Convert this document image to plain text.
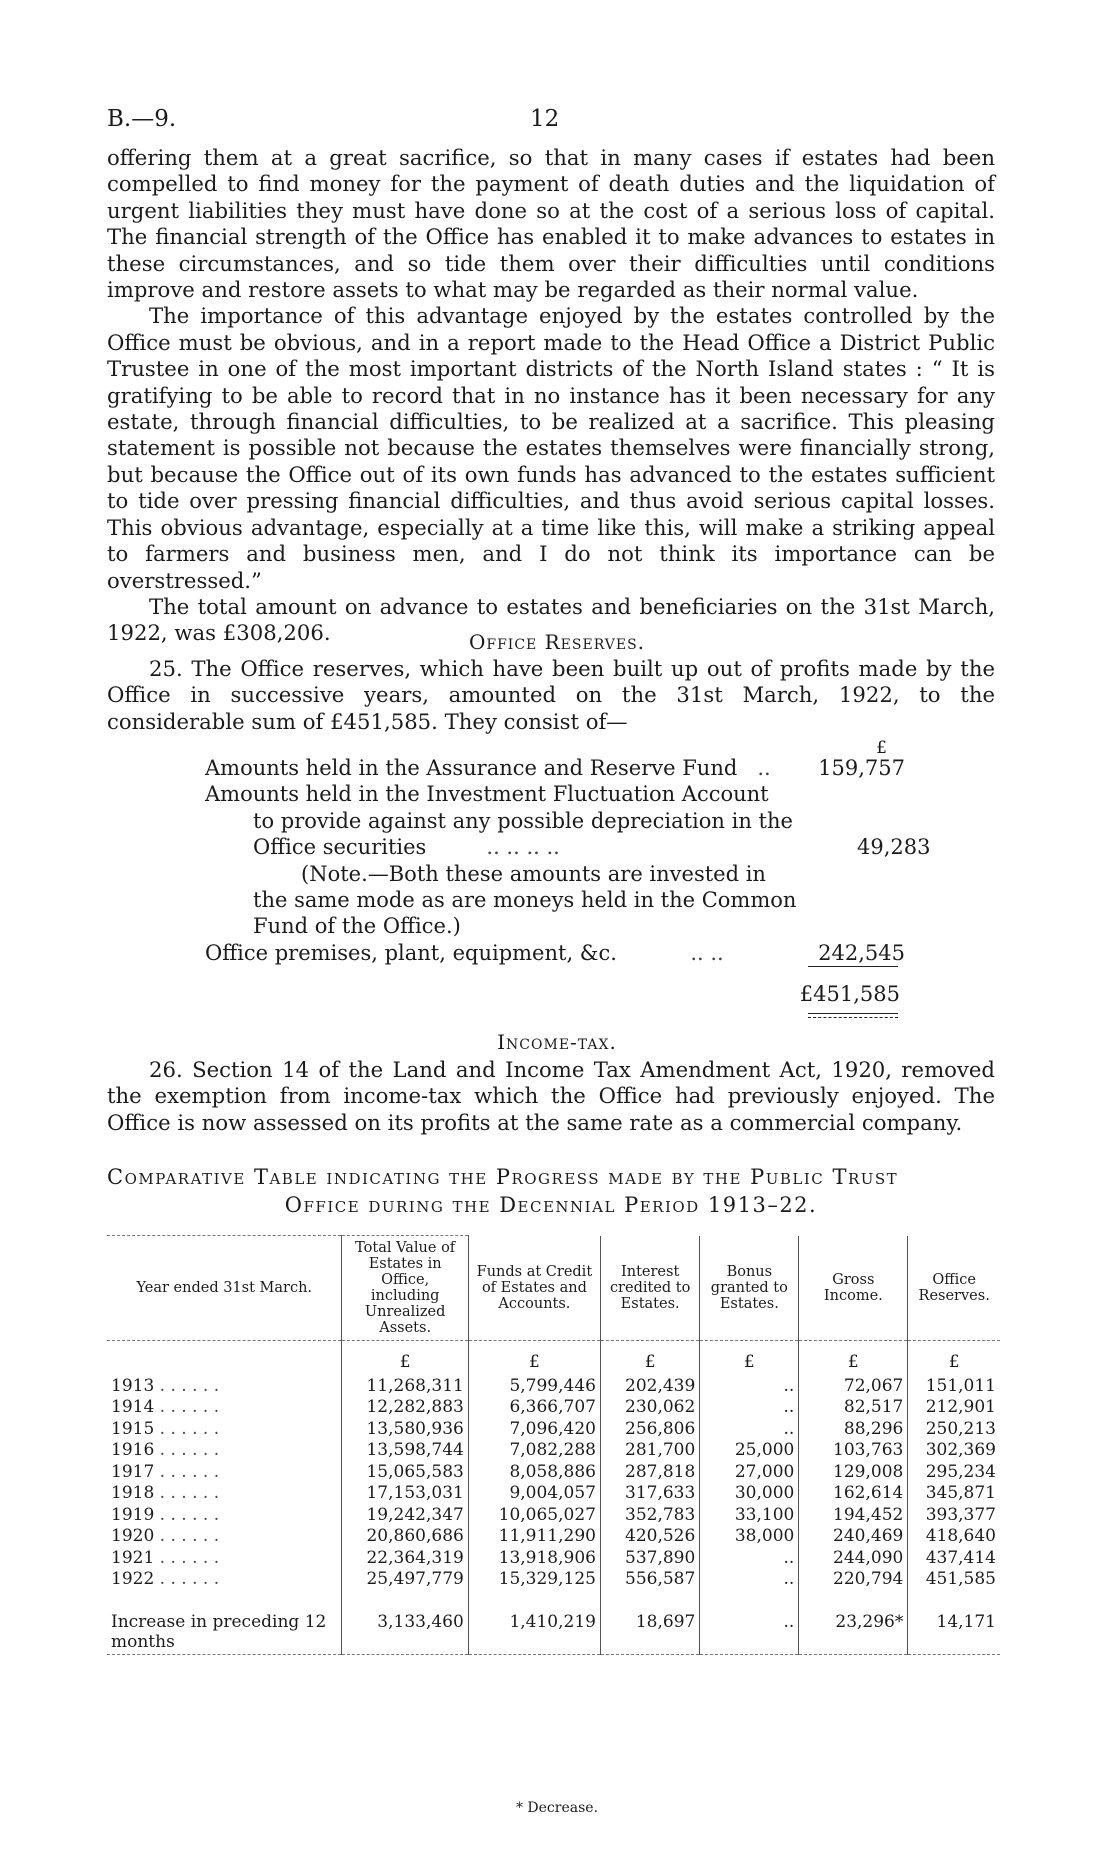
B.—9.	12

offering them at a great sacrifice, so that in many cases if estates had been compelled to find money for the payment of death duties and the liquidation of urgent liabilities they must have done so at the cost of a serious loss of capital. The financial strength of the Office has enabled it to make advances to estates in these circumstances, and so tide them over their difficulties until conditions improve and restore assets to what may be regarded as their normal value.

The importance of this advantage enjoyed by the estates controlled by the Office must be obvious, and in a report made to the Head Office a District Public Trustee in one of the most important districts of the North Island states : “ It is gratifying to be able to record that in no instance has it been necessary for any estate, through financial difficulties, to be realized at a sacrifice. This pleasing statement is possible not because the estates themselves were financially strong, but because the Office out of its own funds has advanced to the estates sufficient to tide over pressing financial difficulties, and thus avoid serious capital losses. This obvious advantage, especially at a time like this, will make a striking appeal to farmers and business men, and I do not think its importance can be overstressed.”

The total amount on advance to estates and beneficiaries on the 31st March, 1922, was £308,206.	Office Reserves.
25. The Office reserves, which have been built up out of profits made by the Office in successive years, amounted on the 31st March, 1922, to the considerable sum of £451,585. They consist of—
£
Amounts held in the Assurance and Reserve Fund ..	159,757
Amounts held in the Investment Fluctuation Account
to provide against any possible depreciation in the
Office securities	.. .. .. ..	49,283
(Note.—Both these amounts are invested in
the same mode as are moneys held in the Common
Fund of the Office.)
Office premises, plant, equipment, &c.	.. ..	242,545
£451,585
Income-tax.
26. Section 14 of the Land and Income Tax Amendment Act, 1920, removed the exemption from income-tax which the Office had previously enjoyed. The Office is now assessed on its profits at the same rate as a commercial company.
Comparative Table indicating the Progress made by the Public Trust
Office during the Decennial Period 1913–22.
Year ended 31st March.	Total Value of Estates in Office, including Unrealized Assets.	Funds at Credit of Estates and Accounts.	Interest credited to Estates.	Bonus granted to Estates.	Gross Income.	Office Reserves.
	£	£	£	£	£	£
1913 . . . . . .	11,268,311	5,799,446	202,439	..	72,067	151,011
1914 . . . . . .	12,282,883	6,366,707	230,062	..	82,517	212,901
1915 . . . . . .	13,580,936	7,096,420	256,806	..	88,296	250,213
1916 . . . . . .	13,598,744	7,082,288	281,700	25,000	103,763	302,369
1917 . . . . . .	15,065,583	8,058,886	287,818	27,000	129,008	295,234
1918 . . . . . .	17,153,031	9,004,057	317,633	30,000	162,614	345,871
1919 . . . . . .	19,242,347	10,065,027	352,783	33,100	194,452	393,377
1920 . . . . . .	20,860,686	11,911,290	420,526	38,000	240,469	418,640
1921 . . . . . .	22,364,319	13,918,906	537,890	..	244,090	437,414
1922 . . . . . .	25,497,779	15,329,125	556,587	..	220,794	451,585

Increase in preceding 12 months	3,133,460	1,410,219	18,697	..	23,296*	14,171
* Decrease.
